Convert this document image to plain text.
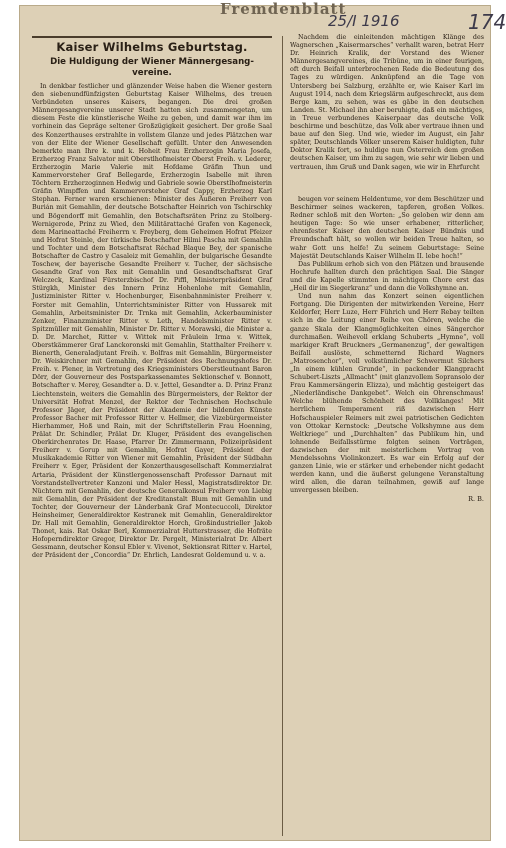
Fremdenblatt
25/I 1916	174
Kaiser Wilhelms Geburtstag.
Die Huldigung der Wiener Männergesang-vereine.

In denkbar festlicher und glänzender Weise haben die Wiener gestern den siebenundfünfzigsten Geburtstag Kaiser Wilhelms, des treuen Verbündeten unseres Kaisers, begangen. Die drei großen Männergesangvereine unserer Stadt hatten sich zusammengetan, um diesem Feste die künstlerische Weihe zu geben, und damit war ihm im vorhinein das Gepräge seltener Großzügigkeit gesichert. Der große Saal des Konzerthauses erstrahlte in vollstem Glanze und jedes Plätzchen war von der Elite der Wiener Gesellschaft gefüllt. Unter den Anwesenden bemerkte man Ihre k. und k. Hoheit Frau Erzherzogin Maria Josefa, Erzherzog Franz Salvator mit Oberstlhofmeister Oberst Freih. v. Lederer, Erzherzogin Marie Valerie mit Hofdame Gräfin Thun und Kammervorsteher Graf Bellegarde, Erzherzogin Isabelle mit ihren Töchtern Erzherzoginnen Hedwig und Gabriele sowie Oberstlhofmeisterin Gräfin Wimpffen und Kammervorsteher Graf Cappy, Erzherzog Karl Stephan. Ferner waren erschienen: Minister des Äußeren Freiherr von Burián mit Gemahlin, der deutsche Botschafter Heinrich von Tschirschky und Bögendorff mit Gemahlin, den Botschaftsräten Prinz zu Stolberg-Wernigerode, Prinz zu Wied, den Militärattaché Grafen von Kageneck, dem Marineattaché Freiherrn v. Freyberg, dem Geheimen Hofrat Pfeizer und Hofrat Steinle, der türkische Botschafter Hilmi Pascha mit Gemahlin und Tochter und dem Botschaftsrat Réchad Blaque Bey, der spanische Botschafter de Castro y Casaleiz mit Gemahlin, der bulgarische Gesandte Toschew, der bayerische Gesandte Freiherr v. Tucher, der sächsische Gesandte Graf von Rex mit Gemahlin und Gesandtschaftsrat Graf Welczeck, Kardinal Fürsterzbischof Dr. Piffl, Ministerpräsident Graf Stürgkh, Minister des Innern Prinz Hohenlohe mit Gemahlin, Justizminister Ritter v. Hochenburger, Eisenbahnminister Freiherr v. Forster mit Gemahlin, Unterrichtsminister Ritter von Hussarek mit Gemahlin, Arbeitsminister Dr. Trnka mit Gemahlin, Ackerbauminister Zenker, Finanzminister Ritter v. Leth, Handelsminister Ritter v. Spitzmüller mit Gemahlin, Minister Dr. Ritter v. Morawski, die Minister a. D. Dr. Marchet, Ritter v. Wittek mit Fräulein Irma v. Wittek, Oberstkämmerer Graf Lanckoronski mit Gemahlin, Statthalter Freiherr v. Bienerth, Generaladjutant Freih. v. Bolfras mit Gemahlin, Bürgermeister Dr. Weiskirchner mit Gemahlin, der Präsident des Rechnungshofes Dr. Freih. v. Plener, in Vertretung des Kriegsministers Oberstleutnant Baron Dörr, der Gouverneur des Postsparkassenamtes Sektionschef v. Bonnott, Botschafter v. Merey, Gesandter a. D. v. Jettel, Gesandter a. D. Prinz Franz Liechtenstein, weiters die Gemahlin des Bürgermeisters, der Rektor der Universität Hofrat Menzel, der Rektor der Technischen Hochschule Professor Jäger, der Präsident der Akademie der bildenden Künste Professor Bacher mit Professor Ritter v. Hellmer, die Vizebürgermeister Hierhammer, Hoß und Rain, mit der Schriftstellerin Frau Hoenning, Prälat Dr. Schindler, Prälat Dr. Kluger, Präsident des evangelischen Oberkirchenrates Dr. Haase, Pfarrer Dr. Zimmermann, Polizeipräsident Freiherr v. Gorup mit Gemahlin, Hofrat Gayer, Präsident der Musikakademie Ritter von Wiener mit Gemahlin, Präsident der Südbahn Freiherr v. Eger, Präsident der Konzerthausgesellschaft Kommerzialrat Artaria, Präsident der Künstlergenossenschaft Professor Darnaut mit Vorstandstellvertreter Kanzoni und Maler Hessl, Magistratsdirektor Dr. Nüchtern mit Gemahlin, der deutsche Generalkonsul Freiherr von Liebig mit Gemahlin, der Präsident der Kreditanstalt Blum mit Gemahlin und Tochter, der Gouverneur der Länderbank Graf Montecuccoli, Direktor Heinsheimer, Generaldirektor Kestranek mit Gemahlin, Generaldirektor Dr. Hall mit Gemahlin, Generaldirektor Horch, Großindustrieller Jakob Thonet, kais. Rat Oskar Berl, Kommerzialrat Hutterstrasser, die Hofräte Hofoperndirektor Gregor, Direktor Dr. Pergelt, Ministerialrat Dr. Albert Gessmann, deutscher Konsul Ebler v. Vivenot, Sektionsrat Ritter v. Hartel, der Präsident der „Concordia“ Dr. Ehrlich, Landesrat Goldemund u. v. a.

Nachdem die einleitenden mächtigen Klänge des Wagnerschen „Kaisermarsches“ verhallt waren, betrat Herr Dr. Heinrich Kralik, der Vorstand des Wiener Männergesangvereines, die Tribüne, um in einer feurigen, oft durch Beifall unterbrochenen Rede die Bedeutung des Tages zu würdigen. Anknüpfend an die Tage von Untersberg bei Salzburg, erzählte er, wie Kaiser Karl im August 1914, nach dem Kriegslärm aufgeschreckt, aus dem Berge kam, zu sehen, was es gäbe in den deutschen Landen. St. Michael ihn aber beruhigte, daß ein mächtiges, in Treue verbundenes Kaiserpaar das deutsche Volk beschirme und beschütze, das Volk aber vertraue ihnen und baue auf den Sieg. Und wie, wieder im August, ein Jahr später, Deutschlands Völker unserem Kaiser huldigten, fuhr Doktor Kralik fort, so huldige nun Österreich dem großen deutschen Kaiser, um ihm zu sagen, wie sehr wir lieben und vertrauen, ihm Gruß und Dank sagen, wie wir in Ehrfurcht

beugen vor seinem Heldentume, vor dem Beschützer und Beschirmer seines wackeren, tapferen, großen Volkes. Redner schloß mit den Worten: „So geloben wir denn am heutigen Tage: So wie unser erhabener, ritterlicher, ehrenfester Kaiser den deutschen Kaiser Bündnis und Freundschaft hält, so wollen wir beiden Treue halten, so wahr Gott uns helfe! Zu seinem Geburtstage: Seine Majestät Deutschlands Kaiser Wilhelm II. lebe hoch!“

Das Publikum erhob sich von den Plätzen und brausende Hochrufe hallten durch den prächtigen Saal. Die Sänger und die Kapelle stimmten in mächtigem Chore erst das „Heil dir im Siegerkranz“ und dann die Volkshymne an.

Und nun nahm das Konzert seinen eigentlichen Fortgang. Die Dirigenten der mitwirkenden Vereine, Herr Keldorfer, Herr Luze, Herr Führich und Herr Rebay teilten sich in die Leitung einer Reihe von Chören, welche die ganze Skala der Klangmöglichkeiten eines Sängerchor durchmaßen. Weihevoll erklang Schuberts „Hymne“, voll markiger Kraft Bruckners „Germanenzug“, der gewaltigen Beifall auslöste, schmetternd Richard Wagners „Matrosenchor“, voll volkstümlicher Schwermut Silchers „In einem kühlen Grunde“, in packender Klangpracht Schubert-Liszts „Allmacht“ (mit glanzvollem Sopransolo der Frau Kammersängerin Elizza), und mächtig gesteigert das „Niederländische Dankgebet“. Welch ein Ohrenschmaus! Welche blühende Schönheit des Vollklanges! Mit herrlichem Temperament riß dazwischen Herr Hofschauspieler Reimers mit zwei patriotischen Gedichten von Ottokar Kernstock: „Deutsche Volkshymne aus dem Weltkriege“ und „Durchhalten“ das Publikum hin, und lohnende Beifallsstürme folgten seinen Vorträgen, dazwischen der mit meisterlichem Vortrag von Mendelssohns Violinkonzert. Es war ein Erfolg auf der ganzen Linie, wie er stärker und erhebender nicht gedacht werden kann, und die äußerst gelungene Veranstaltung wird allen, die daran teilnahmen, gewiß auf lange unvergessen bleiben.

R. B.
